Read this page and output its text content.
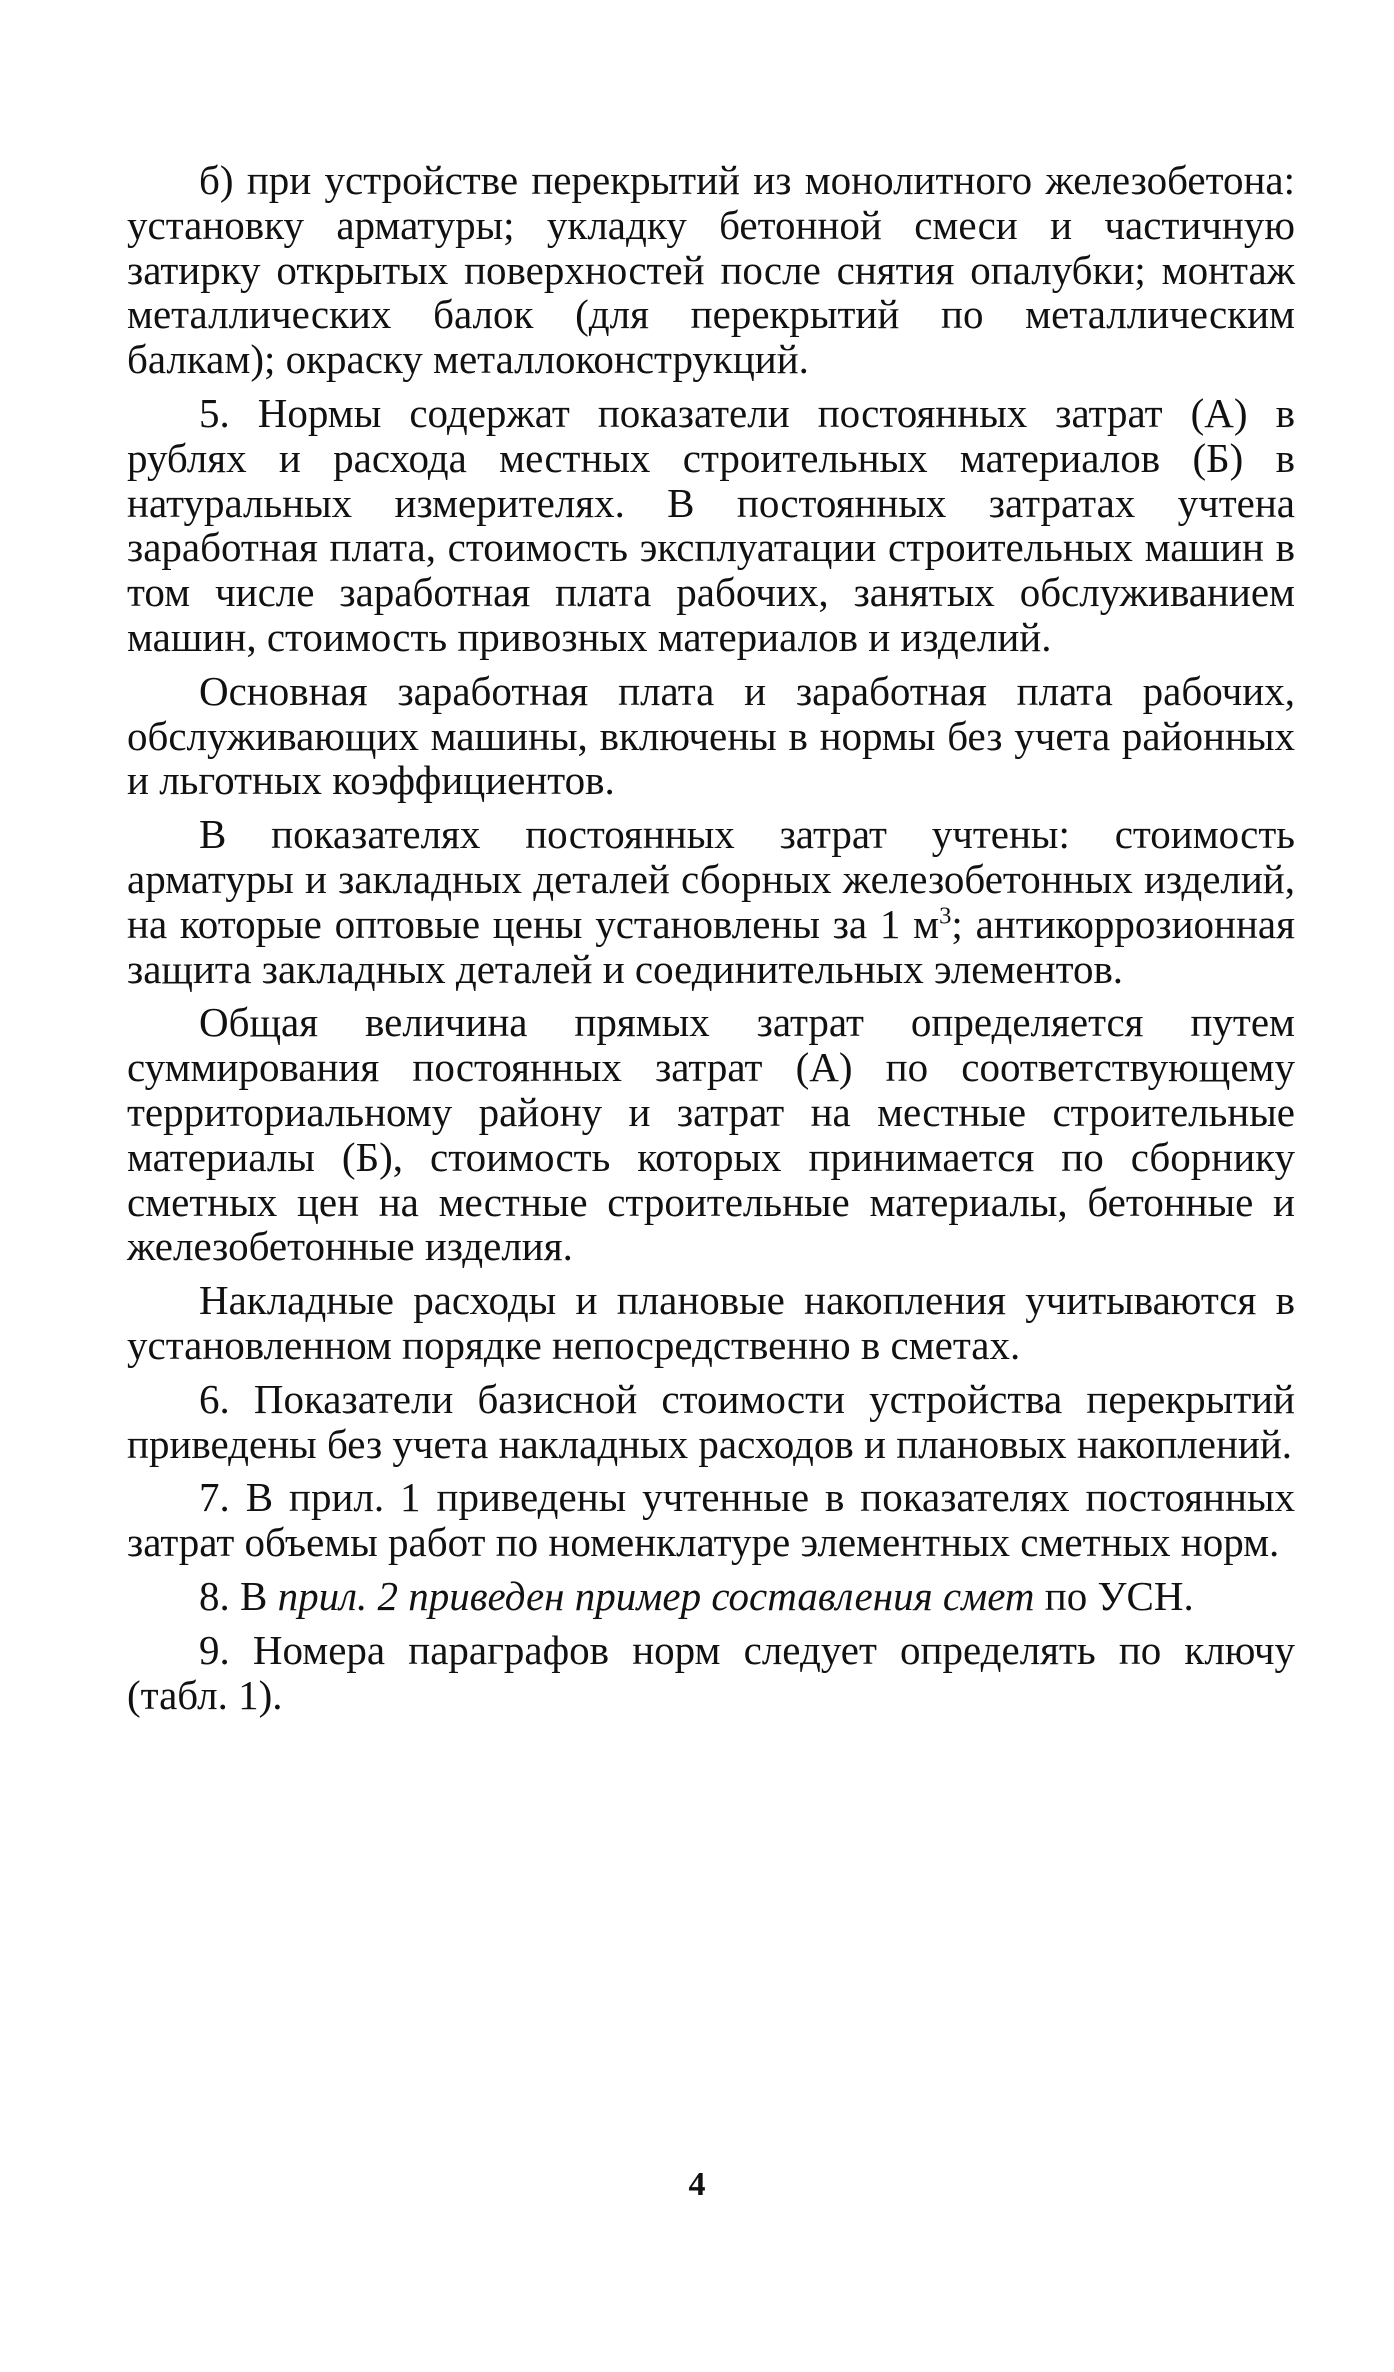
б) при устройстве перекрытий из монолитного железобетона: установку арматуры; укладку бетонной смеси и частичную затирку открытых поверхностей после снятия опалубки; монтаж металлических балок (для перекрытий по металлическим балкам); окраску металлоконструкций.

5. Нормы содержат показатели постоянных затрат (А) в рублях и расхода местных строительных материалов (Б) в натуральных измерителях. В постоянных затратах учтена заработная плата, стоимость эксплуатации строительных машин в том числе заработная плата рабочих, занятых обслуживанием машин, стоимость привозных материалов и изделий.

Основная заработная плата и заработная плата рабочих, обслуживающих машины, включены в нормы без учета районных и льготных коэффициентов.

В показателях постоянных затрат учтены: стоимость арматуры и закладных деталей сборных железобетонных изделий, на которые оптовые цены установлены за 1 $м^3$; антикоррозионная защита закладных деталей и соединительных элементов.

Общая величина прямых затрат определяется путем суммирования постоянных затрат (А) по соответствующему территориальному району и затрат на местные строительные материалы (Б), стоимость которых принимается по сборнику сметных цен на местные строительные материалы, бетонные и железобетонные изделия.

Накладные расходы и плановые накопления учитываются в установленном порядке непосредственно в сметах.

6. Показатели базисной стоимости устройства перекрытий приведены без учета накладных расходов и плановых накоплений.

7. В прил. 1 приведены учтенные в показателях постоянных затрат объемы работ по номенклатуре элементных сметных норм.

8. В прил. 2 приведен пример составления смет по УСН.

9. Номера параграфов норм следует определять по ключу (табл. 1).

4
